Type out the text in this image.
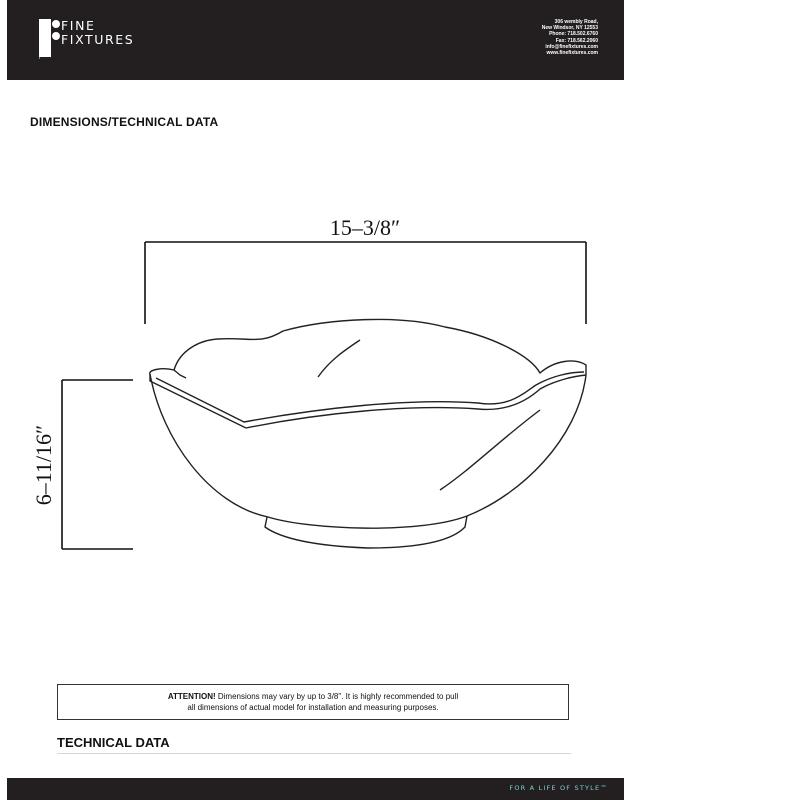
FINE
FIXTURES
306 wembly Road,
New Windsor, NY 12553
Phone: 718.502.6760
Fax: 718.562.2060
info@finefixtures.com
www.finefixtures.com
DIMENSIONS/TECHNICAL DATA
15–3/8″
6–11/16″
ATTENTION! Dimensions may vary by up to 3/8". It is highly recommended to pull
all dimensions of actual model for installation and measuring purposes.
TECHNICAL DATA
FOR A LIFE OF STYLE™
